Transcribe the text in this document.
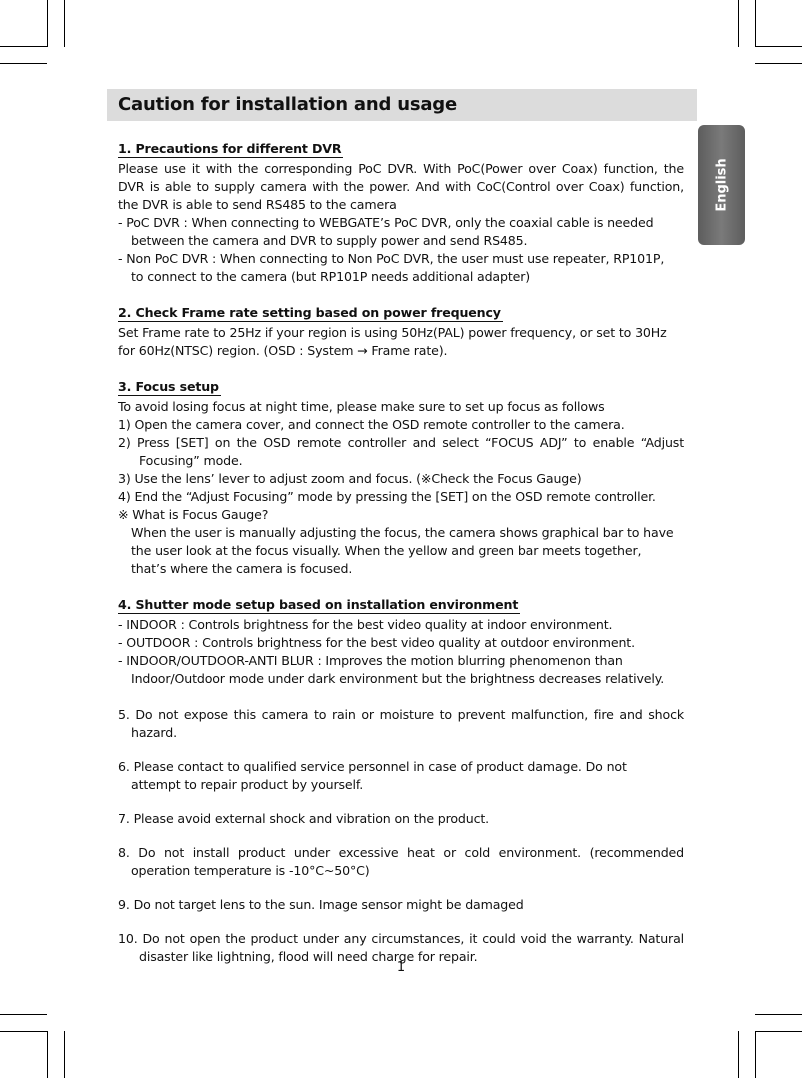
Caution for installation and usage
English
1. Precautions for different DVR
Please use it with the corresponding PoC DVR. With PoC(Power over Coax) function, the
DVR is able to supply camera with the power. And with CoC(Control over Coax) function,
the DVR is able to send RS485 to the camera
- PoC DVR : When connecting to WEBGATE’s PoC DVR, only the coaxial cable is needed
between the camera and DVR to supply power and send RS485.
- Non PoC DVR : When connecting to Non PoC DVR, the user must use repeater, RP101P,
to connect to the camera (but RP101P needs additional adapter)
2. Check Frame rate setting based on power frequency
Set Frame rate to 25Hz if your region is using 50Hz(PAL) power frequency, or set to 30Hz
for 60Hz(NTSC) region. (OSD : System → Frame rate).
3. Focus setup
To avoid losing focus at night time, please make sure to set up focus as follows
1) Open the camera cover, and connect the OSD remote controller to the camera.
2) Press [SET] on the OSD remote controller and select “FOCUS ADJ” to enable “Adjust
Focusing” mode.
3) Use the lens’ lever to adjust zoom and focus. (※Check the Focus Gauge)
4) End the “Adjust Focusing” mode by pressing the [SET] on the OSD remote controller.
※ What is Focus Gauge?
When the user is manually adjusting the focus, the camera shows graphical bar to have
the user look at the focus visually. When the yellow and green bar meets together,
that’s where the camera is focused.
4. Shutter mode setup based on installation environment
- INDOOR : Controls brightness for the best video quality at indoor environment.
- OUTDOOR : Controls brightness for the best video quality at outdoor environment.
- INDOOR/OUTDOOR-ANTI BLUR : Improves the motion blurring phenomenon than
Indoor/Outdoor mode under dark environment but the brightness decreases relatively.
5. Do not expose this camera to rain or moisture to prevent malfunction, fire and shock
hazard.
6. Please contact to qualified service personnel in case of product damage. Do not
attempt to repair product by yourself.
7. Please avoid external shock and vibration on the product.
8. Do not install product under excessive heat or cold environment. (recommended
operation temperature is -10°C~50°C)
9. Do not target lens to the sun. Image sensor might be damaged
10. Do not open the product under any circumstances, it could void the warranty. Natural
disaster like lightning, flood will need charge for repair.
1
